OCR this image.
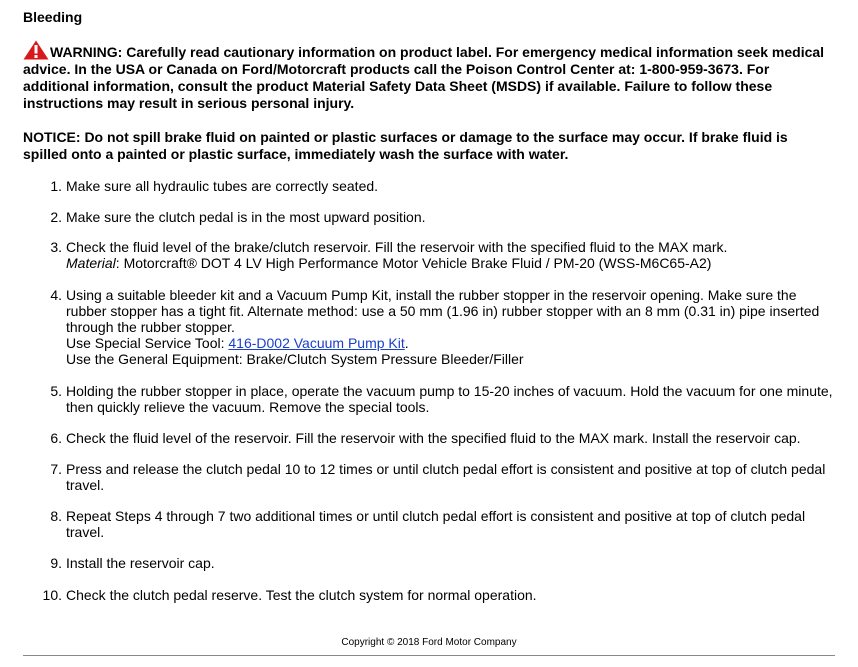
Bleeding
WARNING: Carefully read cautionary information on product label. For emergency medical information seek medical advice. In the USA or Canada on Ford/Motorcraft products call the Poison Control Center at: 1-800-959-3673. For additional information, consult the product Material Safety Data Sheet (MSDS) if available. Failure to follow these instructions may result in serious personal injury.
NOTICE: Do not spill brake fluid on painted or plastic surfaces or damage to the surface may occur. If brake fluid is spilled onto a painted or plastic surface, immediately wash the surface with water.
1. Make sure all hydraulic tubes are correctly seated.
2. Make sure the clutch pedal is in the most upward position.
3. Check the fluid level of the brake/clutch reservoir. Fill the reservoir with the specified fluid to the MAX mark.
Material: Motorcraft® DOT 4 LV High Performance Motor Vehicle Brake Fluid / PM-20 (WSS-M6C65-A2)
4. Using a suitable bleeder kit and a Vacuum Pump Kit, install the rubber stopper in the reservoir opening. Make sure the rubber stopper has a tight fit. Alternate method: use a 50 mm (1.96 in) rubber stopper with an 8 mm (0.31 in) pipe inserted through the rubber stopper.
Use Special Service Tool: 416-D002 Vacuum Pump Kit.
Use the General Equipment: Brake/Clutch System Pressure Bleeder/Filler
5. Holding the rubber stopper in place, operate the vacuum pump to 15-20 inches of vacuum. Hold the vacuum for one minute, then quickly relieve the vacuum. Remove the special tools.
6. Check the fluid level of the reservoir. Fill the reservoir with the specified fluid to the MAX mark. Install the reservoir cap.
7. Press and release the clutch pedal 10 to 12 times or until clutch pedal effort is consistent and positive at top of clutch pedal travel.
8. Repeat Steps 4 through 7 two additional times or until clutch pedal effort is consistent and positive at top of clutch pedal travel.
9. Install the reservoir cap.
10. Check the clutch pedal reserve. Test the clutch system for normal operation.
Copyright © 2018 Ford Motor Company
